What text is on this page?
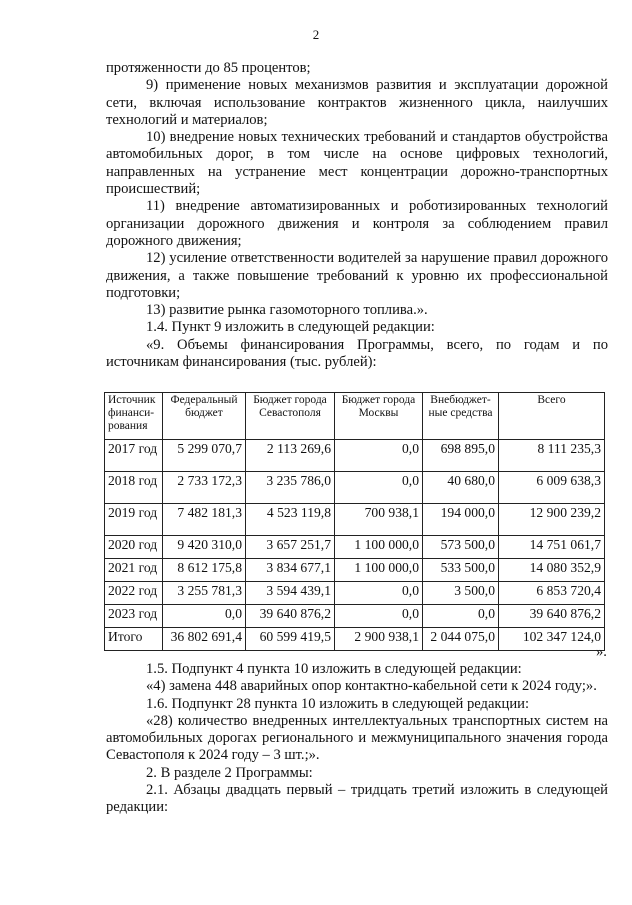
2

протяженности до 85 процентов;

9) применение новых механизмов развития и эксплуатации дорожной сети, включая использование контрактов жизненного цикла, наилучших технологий и материалов;

10) внедрение новых технических требований и стандартов обустройства автомобильных дорог, в том числе на основе цифровых технологий, направленных на устранение мест концентрации дорожно-транспортных происшествий;

11) внедрение автоматизированных и роботизированных технологий организации дорожного движения и контроля за соблюдением правил дорожного движения;

12) усиление ответственности водителей за нарушение правил дорожного движения, а также повышение требований к уровню их профессиональной подготовки;

13) развитие рынка газомоторного топлива.».

1.4. Пункт 9 изложить в следующей редакции:

«9. Объемы финансирования Программы, всего, по годам и по источникам финансирования (тыс. рублей):

Источник финанси-рования	Федеральный бюджет	Бюджет города Севастополя	Бюджет города Москвы	Внебюджет-ные средства	Всего
2017 год	5 299 070,7	2 113 269,6	0,0	698 895,0	8 111 235,3
2018 год	2 733 172,3	3 235 786,0	0,0	40 680,0	6 009 638,3
2019 год	7 482 181,3	4 523 119,8	700 938,1	194 000,0	12 900 239,2
2020 год	9 420 310,0	3 657 251,7	1 100 000,0	573 500,0	14 751 061,7
2021 год	8 612 175,8	3 834 677,1	1 100 000,0	533 500,0	14 080 352,9
2022 год	3 255 781,3	3 594 439,1	0,0	3 500,0	6 853 720,4
2023 год	0,0	39 640 876,2	0,0	0,0	39 640 876,2
Итого	36 802 691,4	60 599 419,5	2 900 938,1	2 044 075,0	102 347 124,0
».

1.5. Подпункт 4 пункта 10 изложить в следующей редакции:

«4) замена 448 аварийных опор контактно-кабельной сети к 2024 году;».

1.6. Подпункт 28 пункта 10 изложить в следующей редакции:

«28) количество внедренных интеллектуальных транспортных систем на автомобильных дорогах регионального и межмуниципального значения города Севастополя к 2024 году – 3 шт.;».

2. В разделе 2 Программы:

2.1. Абзацы двадцать первый – тридцать третий изложить в следующей редакции:
